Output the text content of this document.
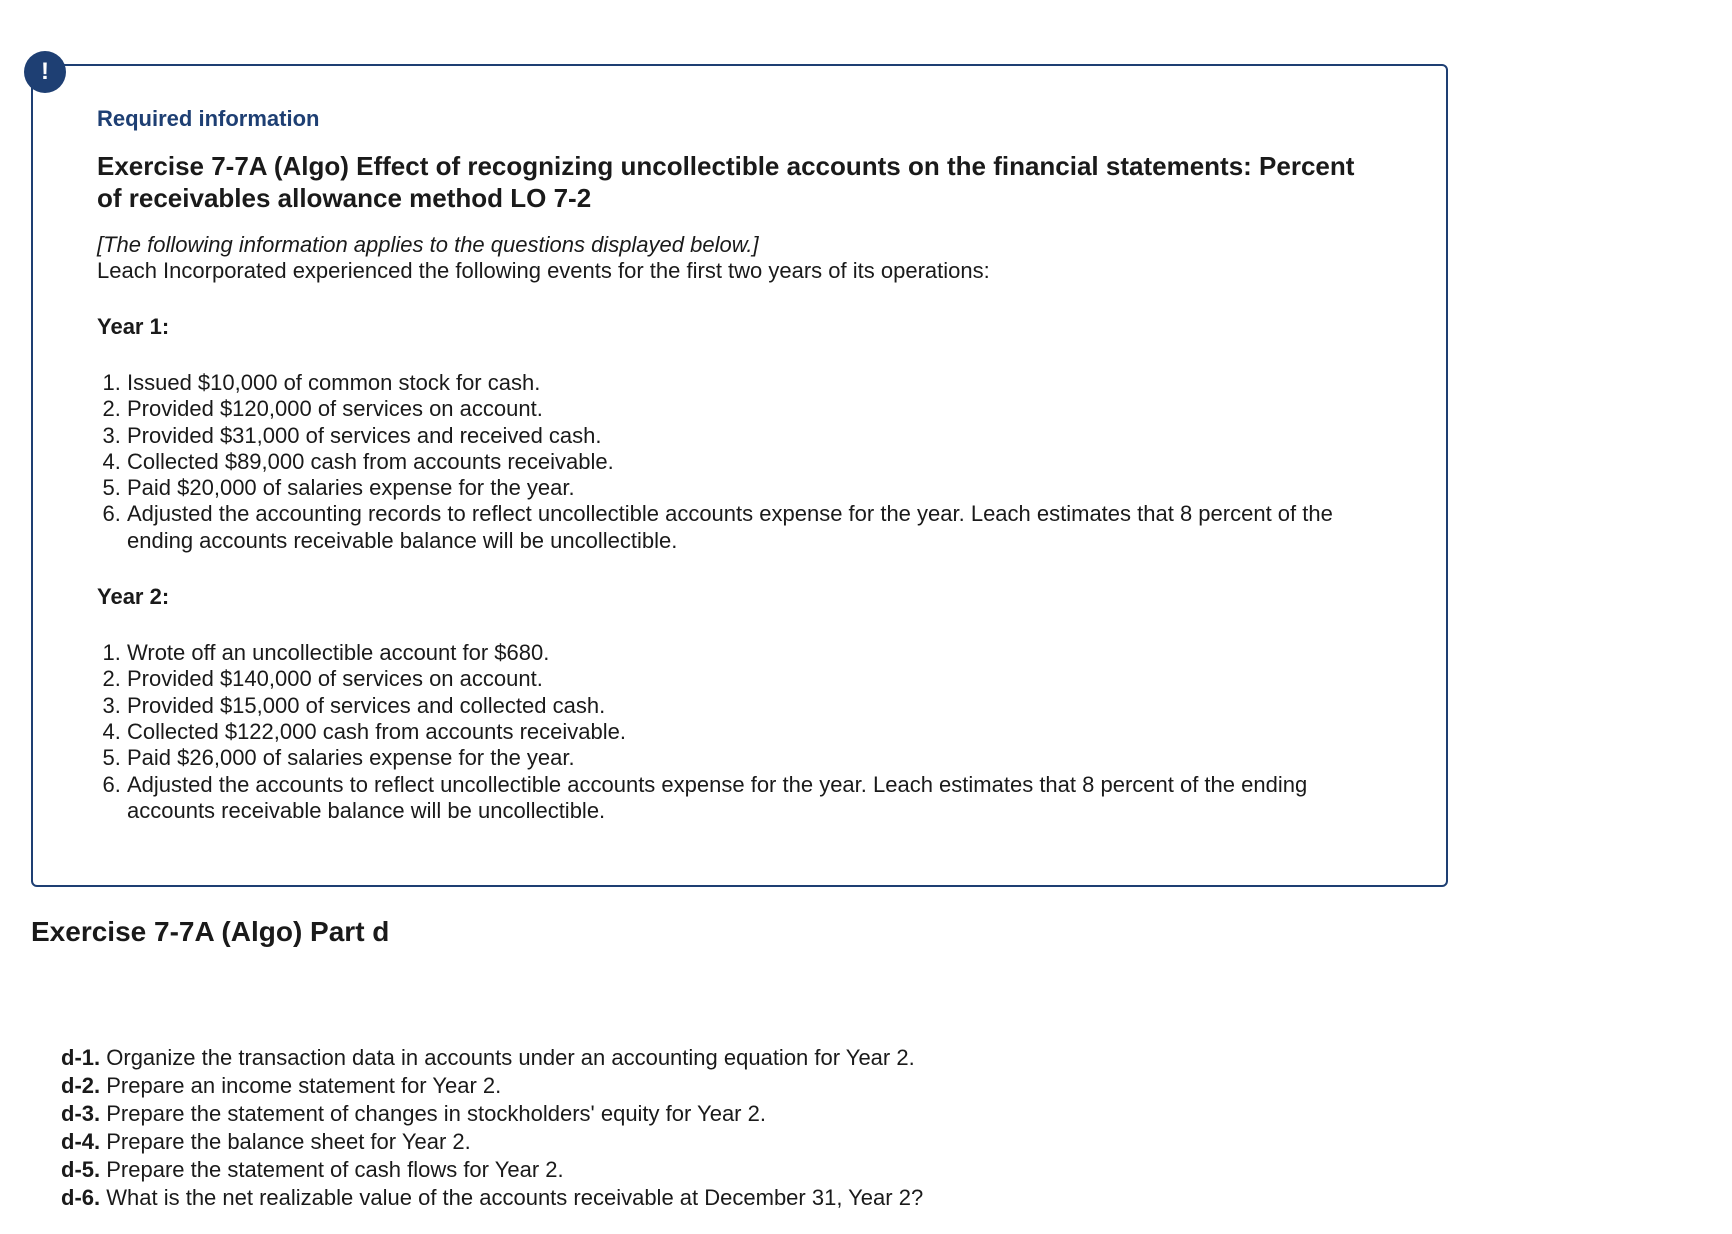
!

Required information

Exercise 7-7A (Algo) Effect of recognizing uncollectible accounts on the financial statements: Percent of receivables allowance method LO 7-2

[The following information applies to the questions displayed below.]

Leach Incorporated experienced the following events for the first two years of its operations:

Year 1:

1. Issued $10,000 of common stock for cash.
2. Provided $120,000 of services on account.
3. Provided $31,000 of services and received cash.
4. Collected $89,000 cash from accounts receivable.
5. Paid $20,000 of salaries expense for the year.
6. Adjusted the accounting records to reflect uncollectible accounts expense for the year. Leach estimates that 8 percent of the ending accounts receivable balance will be uncollectible.

Year 2:

1. Wrote off an uncollectible account for $680.
2. Provided $140,000 of services on account.
3. Provided $15,000 of services and collected cash.
4. Collected $122,000 cash from accounts receivable.
5. Paid $26,000 of salaries expense for the year.
6. Adjusted the accounts to reflect uncollectible accounts expense for the year. Leach estimates that 8 percent of the ending accounts receivable balance will be uncollectible.
Exercise 7-7A (Algo) Part d

d-1. Organize the transaction data in accounts under an accounting equation for Year 2.

d-2. Prepare an income statement for Year 2.

d-3. Prepare the statement of changes in stockholders' equity for Year 2.

d-4. Prepare the balance sheet for Year 2.

d-5. Prepare the statement of cash flows for Year 2.

d-6. What is the net realizable value of the accounts receivable at December 31, Year 2?
